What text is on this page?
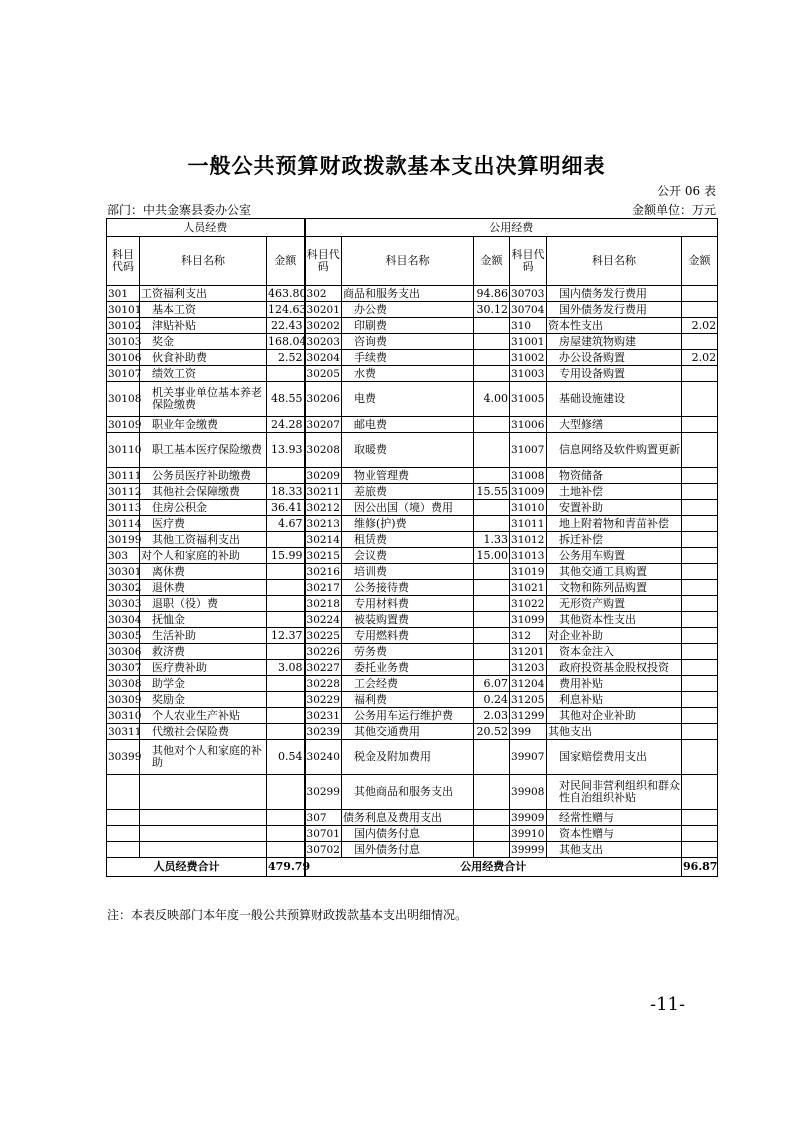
一般公共预算财政拨款基本支出决算明细表
公开 06 表
部门：中共金寨县委办公室	金额单位：万元
人员经费			公用经费					
科目代码	科目名称	金额	科目代码	科目名称	金额	科目代码	科目名称	金额
301	工资福利支出	463.80	302	商品和服务支出	94.86	30703	国内债务发行费用	
30101	基本工资	124.63	30201	办公费	30.12	30704	国外债务发行费用	
30102	津贴补贴	22.43	30202	印刷费		310	资本性支出	2.02
30103	奖金	168.04	30203	咨询费		31001	房屋建筑物购建	
30106	伙食补助费	2.52	30204	手续费		31002	办公设备购置	2.02
30107	绩效工资		30205	水费		31003	专用设备购置	
30108	机关事业单位基本养老保险缴费	48.55	30206	电费	4.00	31005	基础设施建设	
30109	职业年金缴费	24.28	30207	邮电费		31006	大型修缮	
30110	职工基本医疗保险缴费	13.93	30208	取暖费		31007	信息网络及软件购置更新	
30111	公务员医疗补助缴费		30209	物业管理费		31008	物资储备	
30112	其他社会保障缴费	18.33	30211	差旅费	15.55	31009	土地补偿	
30113	住房公积金	36.41	30212	因公出国（境）费用		31010	安置补助	
30114	医疗费	4.67	30213	维修(护)费		31011	地上附着物和青苗补偿	
30199	其他工资福利支出		30214	租赁费	1.33	31012	拆迁补偿	
303	对个人和家庭的补助	15.99	30215	会议费	15.00	31013	公务用车购置	
30301	离休费		30216	培训费		31019	其他交通工具购置	
30302	退休费		30217	公务接待费		31021	文物和陈列品购置	
30303	退职（役）费		30218	专用材料费		31022	无形资产购置	
30304	抚恤金		30224	被装购置费		31099	其他资本性支出	
30305	生活补助	12.37	30225	专用燃料费		312	对企业补助	
30306	救济费		30226	劳务费		31201	资本金注入	
30307	医疗费补助	3.08	30227	委托业务费		31203	政府投资基金股权投资	
30308	助学金		30228	工会经费	6.07	31204	费用补贴	
30309	奖励金		30229	福利费	0.24	31205	利息补贴	
30310	个人农业生产补贴		30231	公务用车运行维护费	2.03	31299	其他对企业补助	
30311	代缴社会保险费		30239	其他交通费用	20.52	399	其他支出	
30399	其他对个人和家庭的补助	0.54	30240	税金及附加费用		39907	国家赔偿费用支出	
			30299	其他商品和服务支出		39908	对民间非营利组织和群众性自治组织补贴	
			307	债务利息及费用支出		39909	经常性赠与	
			30701	国内债务付息		39910	资本性赠与	
			30702	国外债务付息		39999	其他支出	
人员经费合计		479.79	公用经费合计					96.87
注：本表反映部门本年度一般公共预算财政拨款基本支出明细情况。
-11-
